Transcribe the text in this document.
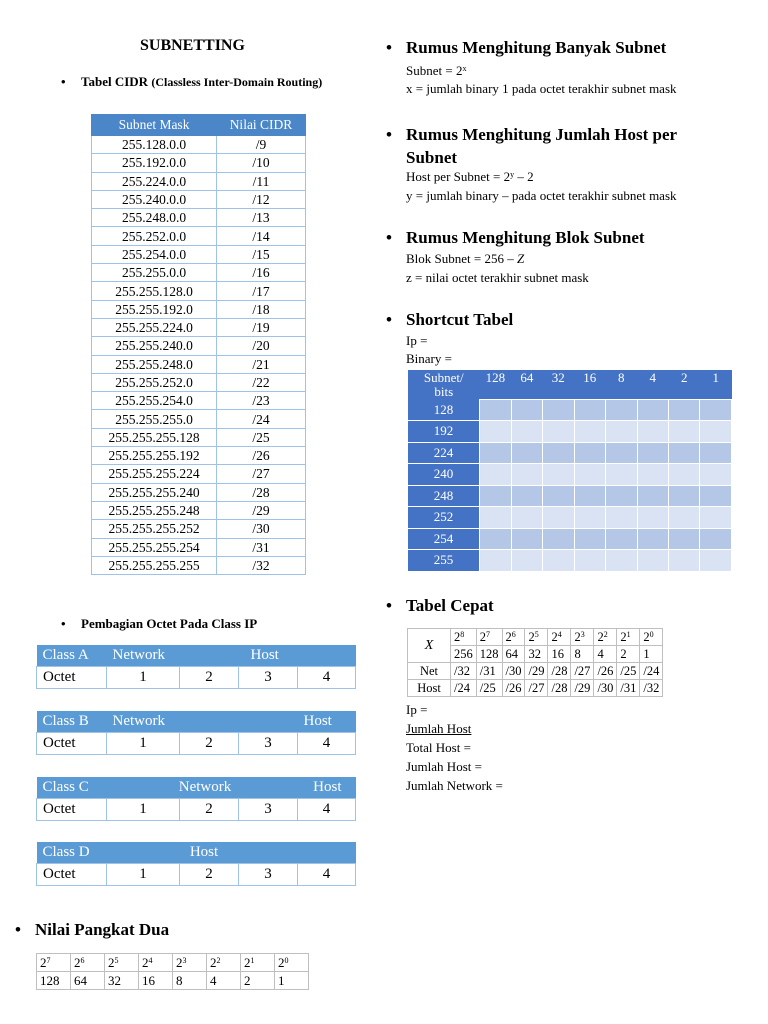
SUBNETTING
Tabel CIDR (Classless Inter-Domain Routing)
Subnet Mask	Nilai CIDR
255.128.0.0	/9
255.192.0.0	/10
255.224.0.0	/11
255.240.0.0	/12
255.248.0.0	/13
255.252.0.0	/14
255.254.0.0	/15
255.255.0.0	/16
255.255.128.0	/17
255.255.192.0	/18
255.255.224.0	/19
255.255.240.0	/20
255.255.248.0	/21
255.255.252.0	/22
255.255.254.0	/23
255.255.255.0	/24
255.255.255.128	/25
255.255.255.192	/26
255.255.255.224	/27
255.255.255.240	/28
255.255.255.248	/29
255.255.255.252	/30
255.255.255.254	/31
255.255.255.255	/32
Pembagian Octet Pada Class IP
Class A	Network		Host	
Octet	1	2	3	4
Class B	Network			Host
Octet	1	2	3	4
Class C	Network			Host
Octet	1	2	3	4
Class D	Host			
Octet	1	2	3	4
Nilai Pangkat Dua
$2^7$	$2^6$	$2^5$	$2^4$	$2^3$	$2^2$	$2^1$	$2^0$
128	64	32	16	8	4	2	1
Rumus Menghitung Banyak Subnet
Subnet = $2^x$
x = jumlah binary 1 pada octet terakhir subnet mask
Rumus Menghitung Jumlah Host per Subnet
Host per Subnet = $2^y - 2$
y = jumlah binary – pada octet terakhir subnet mask
Rumus Menghitung Blok Subnet
Blok Subnet = 256 – Z
z = nilai octet terakhir subnet mask
Shortcut Tabel
Ip =
Binary =
Subnet/
bits	128	64	32	16	8	4	2	1
128								
192								
224								
240								
248								
252								
254								
255								
Tabel Cepat
X	$2^8$	$2^7$	$2^6$	$2^5$	$2^4$	$2^3$	$2^2$	$2^1$	$2^0$
	256	128	64	32	16	8	4	2	1
Net	/32	/31	/30	/29	/28	/27	/26	/25	/24
Host	/24	/25	/26	/27	/28	/29	/30	/31	/32
Ip =
Jumlah Host
Total Host =
Jumlah Host =
Jumlah Network =
